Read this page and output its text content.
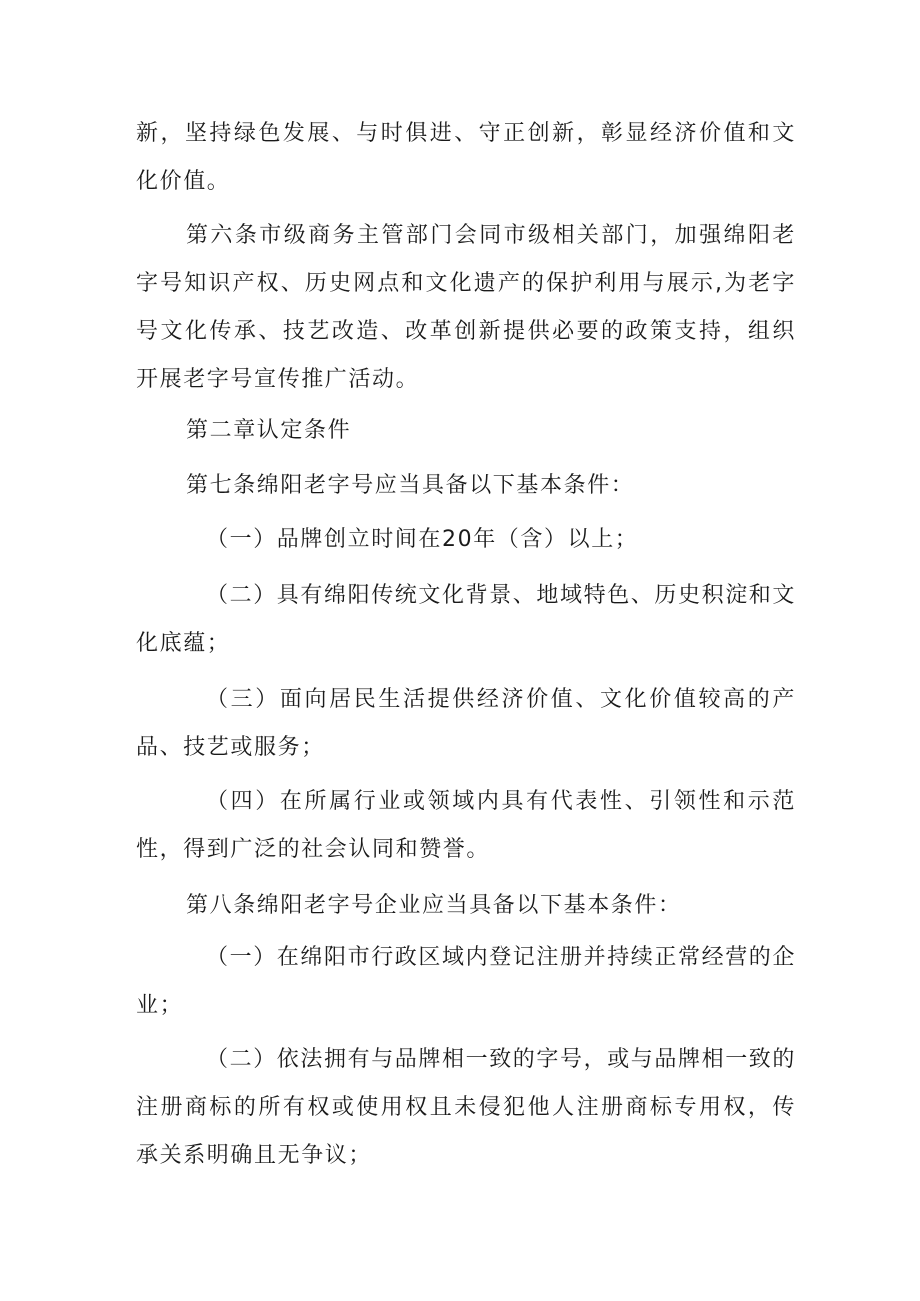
新，坚持绿色发展、与时俱进、守正创新，彰显经济价值和文化价值。

第六条市级商务主管部门会同市级相关部门，加强绵阳老字号知识产权、历史网点和文化遗产的保护利用与展示,为老字号文化传承、技艺改造、改革创新提供必要的政策支持，组织开展老字号宣传推广活动。

第二章认定条件

第七条绵阳老字号应当具备以下基本条件：

（一）品牌创立时间在20年（含）以上；

（二）具有绵阳传统文化背景、地域特色、历史积淀和文化底蕴；

（三）面向居民生活提供经济价值、文化价值较高的产品、技艺或服务；

（四）在所属行业或领域内具有代表性、引领性和示范性，得到广泛的社会认同和赞誉。

第八条绵阳老字号企业应当具备以下基本条件：

（一）在绵阳市行政区域内登记注册并持续正常经营的企业；

（二）依法拥有与品牌相一致的字号，或与品牌相一致的注册商标的所有权或使用权且未侵犯他人注册商标专用权，传承关系明确且无争议；
